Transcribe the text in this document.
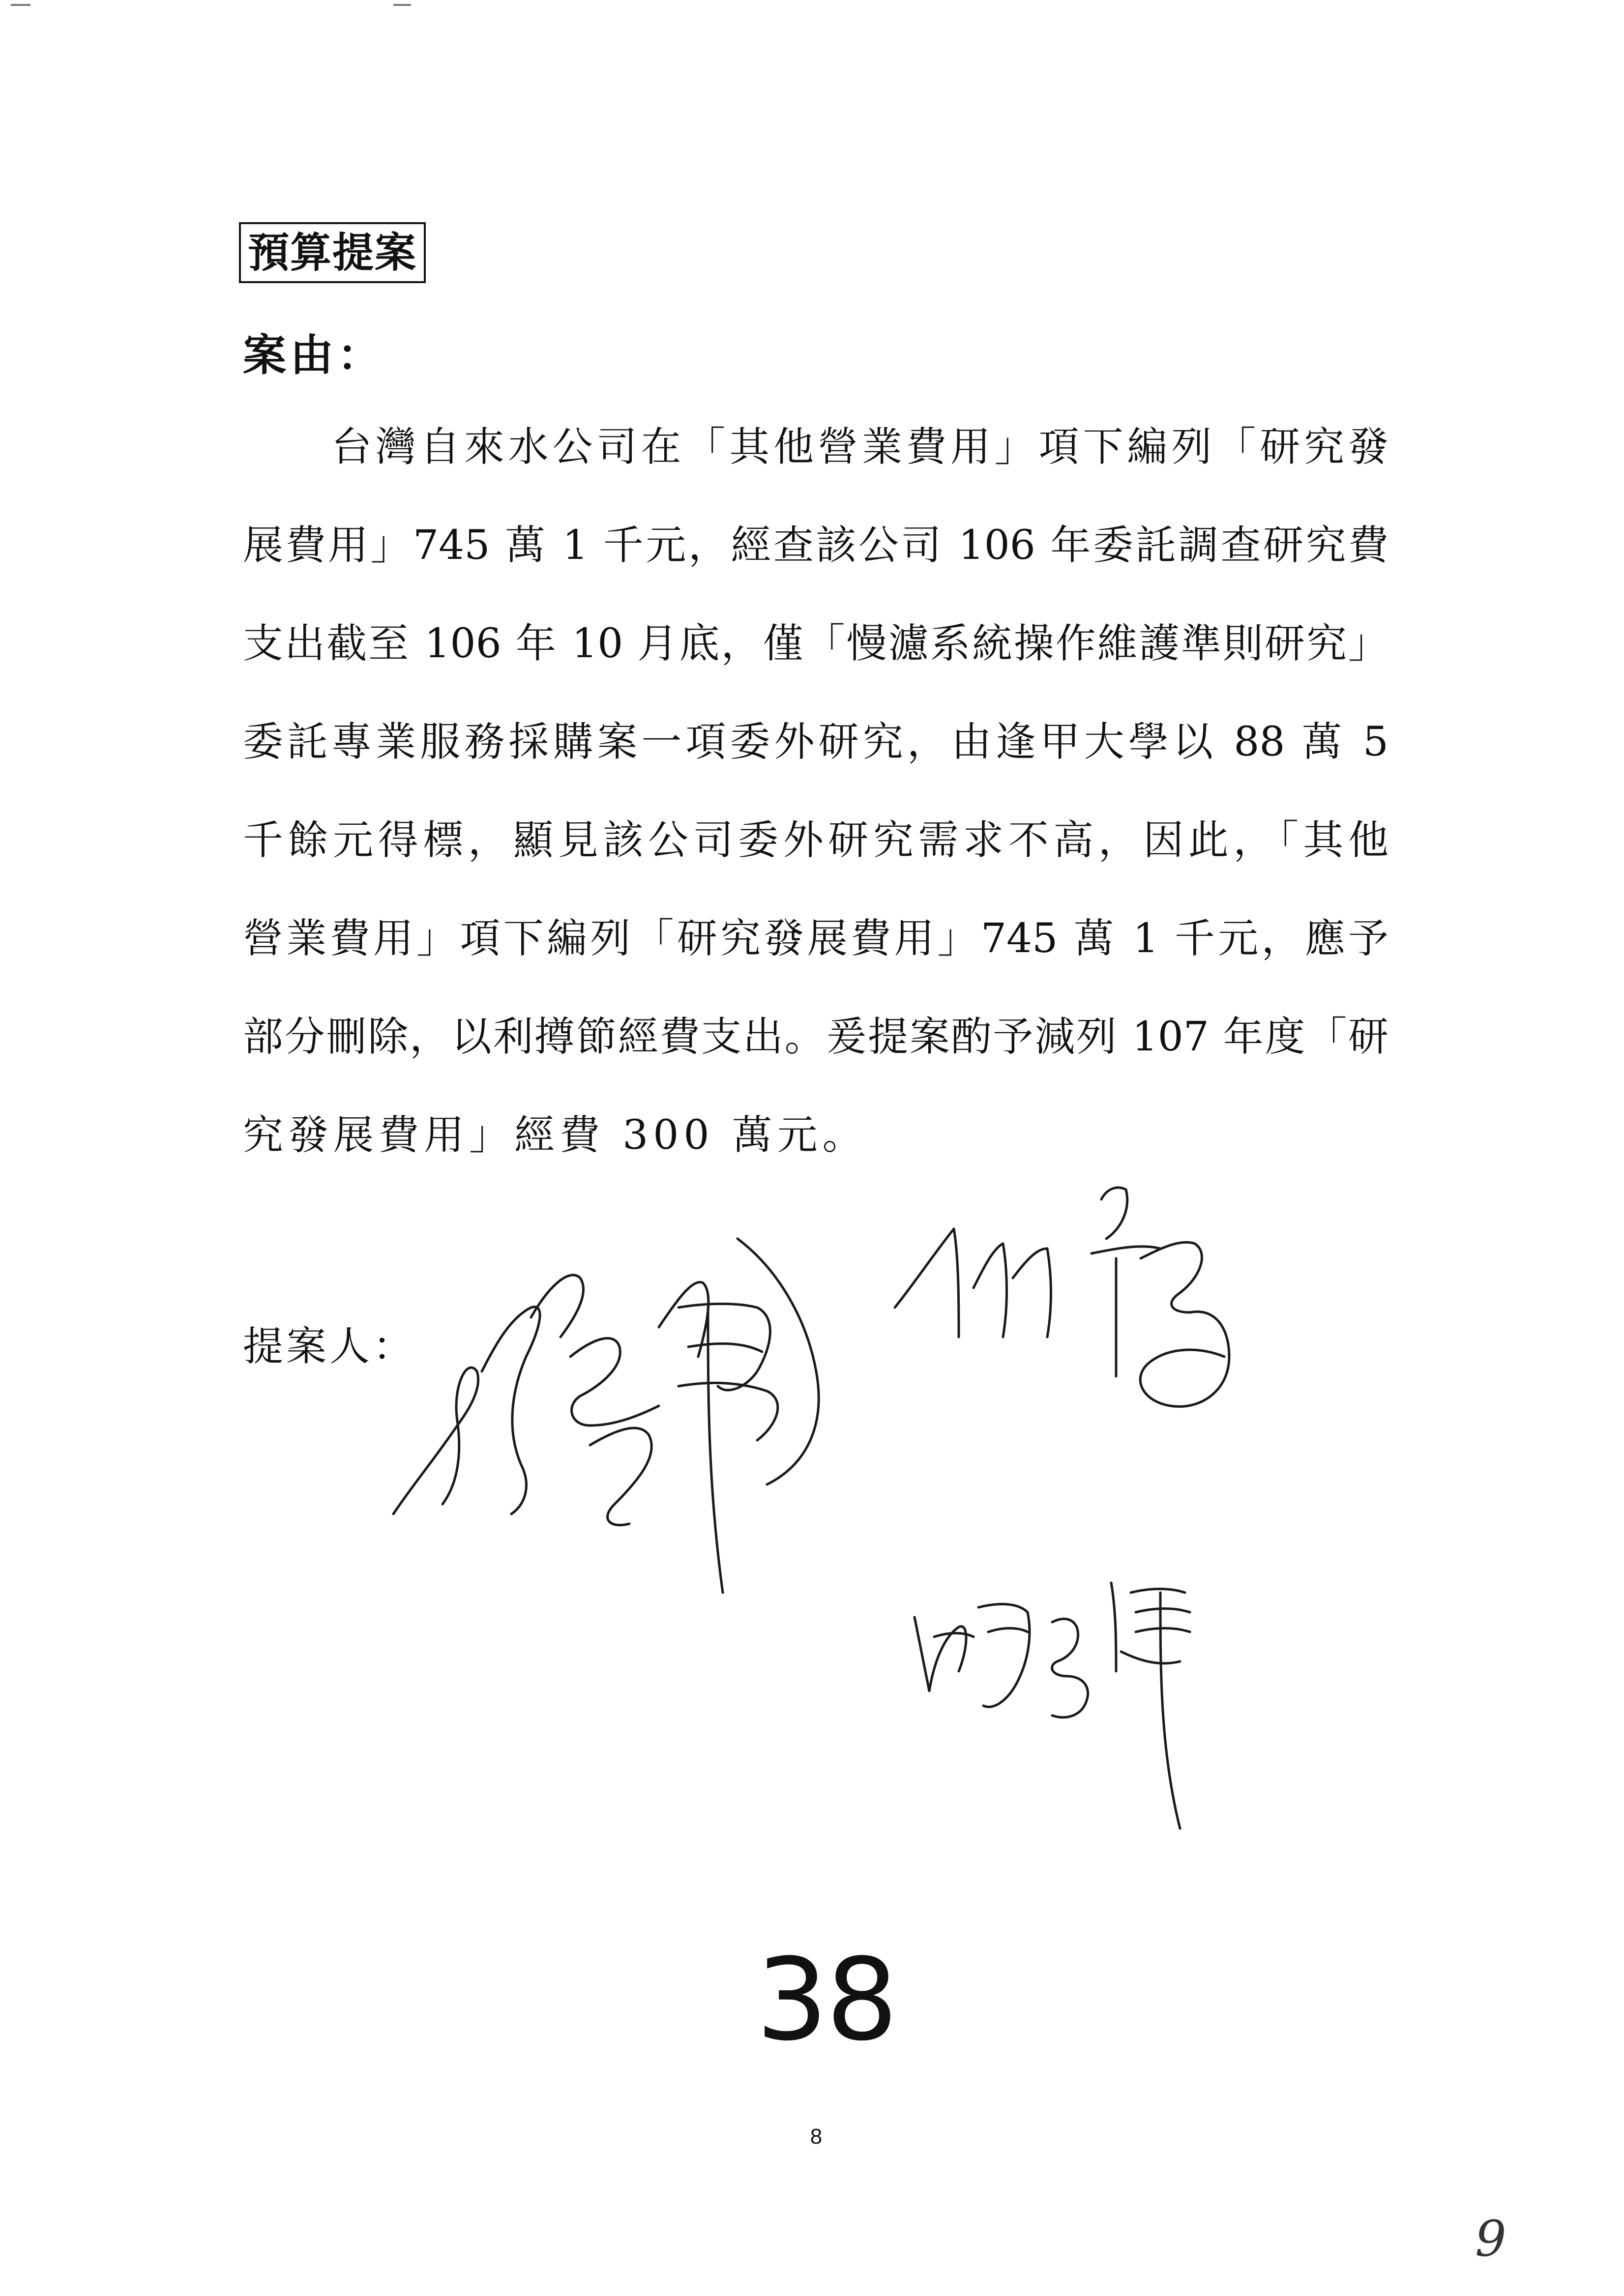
預算提案
案由：
台灣自來水公司在「其他營業費用」項下編列「研究發
展費用」745 萬 1 千元，經查該公司 106 年委託調查研究費
支出截至 106 年 10 月底，僅「慢濾系統操作維護準則研究」
委託專業服務採購案一項委外研究，由逢甲大學以 88 萬 5
千餘元得標，顯見該公司委外研究需求不高，因此，「其他
營業費用」項下編列「研究發展費用」745 萬 1 千元，應予
部分刪除，以利撙節經費支出。爰提案酌予減列 107 年度「研
究發展費用」經費 300 萬元。
提案人：
38
8
9
